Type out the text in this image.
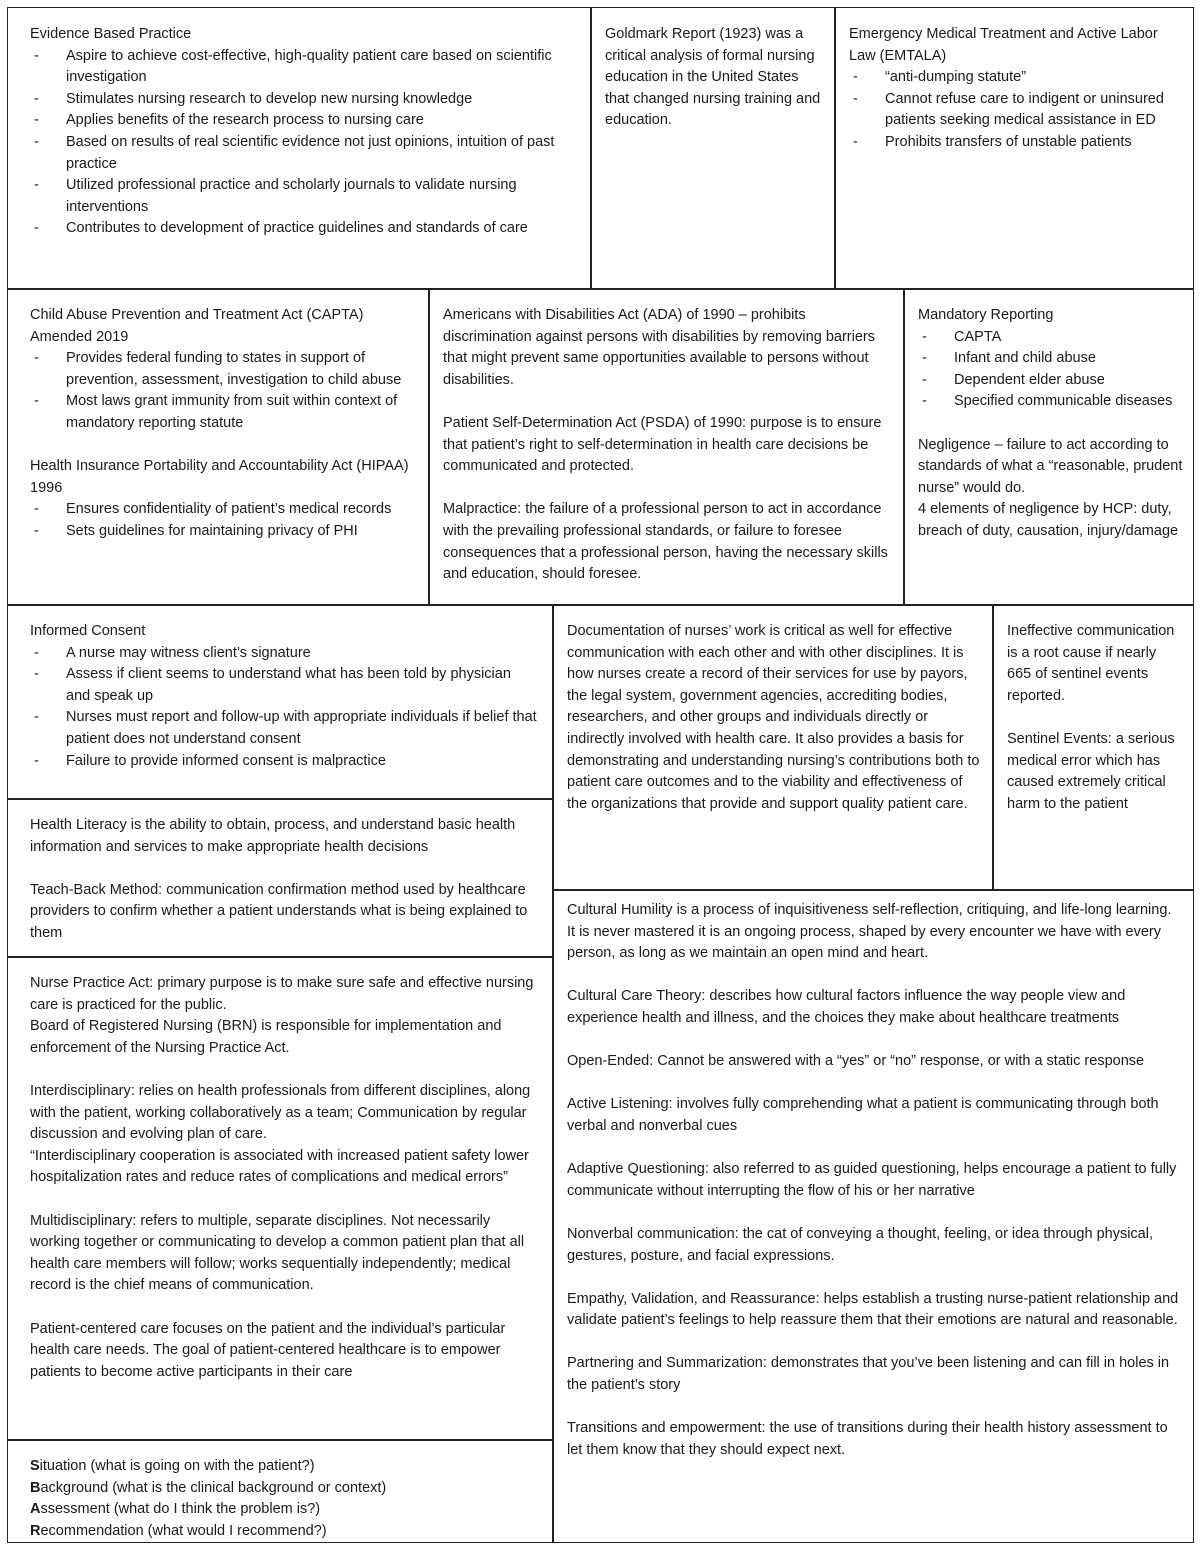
Evidence Based Practice

- Aspire to achieve cost-effective, high-quality patient care based on scientific investigation
- Stimulates nursing research to develop new nursing knowledge
- Applies benefits of the research process to nursing care
- Based on results of real scientific evidence not just opinions, intuition of past practice
- Utilized professional practice and scholarly journals to validate nursing interventions
- Contributes to development of practice guidelines and standards of care

Goldmark Report (1923) was a critical analysis of formal nursing education in the United States that changed nursing training and education.

Emergency Medical Treatment and Active Labor Law (EMTALA)

- “anti-dumping statute”
- Cannot refuse care to indigent or uninsured patients seeking medical assistance in ED
- Prohibits transfers of unstable patients

Child Abuse Prevention and Treatment Act (CAPTA) Amended 2019

- Provides federal funding to states in support of prevention, assessment, investigation to child abuse
- Most laws grant immunity from suit within context of mandatory reporting statute

Health Insurance Portability and Accountability Act (HIPAA) 1996

- Ensures confidentiality of patient’s medical records
- Sets guidelines for maintaining privacy of PHI

Americans with Disabilities Act (ADA) of 1990 – prohibits discrimination against persons with disabilities by removing barriers that might prevent same opportunities available to persons without disabilities.

Patient Self-Determination Act (PSDA) of 1990: purpose is to ensure that patient’s right to self-determination in health care decisions be communicated and protected.

Malpractice: the failure of a professional person to act in accordance with the prevailing professional standards, or failure to foresee consequences that a professional person, having the necessary skills and education, should foresee.

Mandatory Reporting

- CAPTA
- Infant and child abuse
- Dependent elder abuse
- Specified communicable diseases

Negligence – failure to act according to standards of what a “reasonable, prudent nurse” would do.

4 elements of negligence by HCP: duty, breach of duty, causation, injury/damage

Informed Consent

- A nurse may witness client’s signature
- Assess if client seems to understand what has been told by physician and speak up
- Nurses must report and follow-up with appropriate individuals if belief that patient does not understand consent
- Failure to provide informed consent is malpractice

Health Literacy is the ability to obtain, process, and understand basic health information and services to make appropriate health decisions

Teach-Back Method: communication confirmation method used by healthcare providers to confirm whether a patient understands what is being explained to them

Nurse Practice Act: primary purpose is to make sure safe and effective nursing care is practiced for the public.

Board of Registered Nursing (BRN) is responsible for implementation and enforcement of the Nursing Practice Act.

Interdisciplinary: relies on health professionals from different disciplines, along with the patient, working collaboratively as a team; Communication by regular discussion and evolving plan of care.

“Interdisciplinary cooperation is associated with increased patient safety lower hospitalization rates and reduce rates of complications and medical errors”

Multidisciplinary: refers to multiple, separate disciplines. Not necessarily working together or communicating to develop a common patient plan that all health care members will follow; works sequentially independently; medical record is the chief means of communication.

Patient-centered care focuses on the patient and the individual’s particular health care needs. The goal of patient-centered healthcare is to empower patients to become active participants in their care

Situation (what is going on with the patient?)

Background (what is the clinical background or context)

Assessment (what do I think the problem is?)

Recommendation (what would I recommend?)

Documentation of nurses’ work is critical as well for effective communication with each other and with other disciplines. It is how nurses create a record of their services for use by payors, the legal system, government agencies, accrediting bodies, researchers, and other groups and individuals directly or indirectly involved with health care. It also provides a basis for demonstrating and understanding nursing’s contributions both to patient care outcomes and to the viability and effectiveness of the organizations that provide and support quality patient care.

Ineffective communication is a root cause if nearly 665 of sentinel events reported.

Sentinel Events: a serious medical error which has caused extremely critical harm to the patient

Cultural Humility is a process of inquisitiveness self-reflection, critiquing, and life-long learning. It is never mastered it is an ongoing process, shaped by every encounter we have with every person, as long as we maintain an open mind and heart.

Cultural Care Theory: describes how cultural factors influence the way people view and experience health and illness, and the choices they make about healthcare treatments

Open-Ended: Cannot be answered with a “yes” or “no” response, or with a static response

Active Listening: involves fully comprehending what a patient is communicating through both verbal and nonverbal cues

Adaptive Questioning: also referred to as guided questioning, helps encourage a patient to fully communicate without interrupting the flow of his or her narrative

Nonverbal communication: the cat of conveying a thought, feeling, or idea through physical, gestures, posture, and facial expressions.

Empathy, Validation, and Reassurance: helps establish a trusting nurse-patient relationship and validate patient’s feelings to help reassure them that their emotions are natural and reasonable.

Partnering and Summarization: demonstrates that you’ve been listening and can fill in holes in the patient’s story

Transitions and empowerment: the use of transitions during their health history assessment to let them know that they should expect next.
